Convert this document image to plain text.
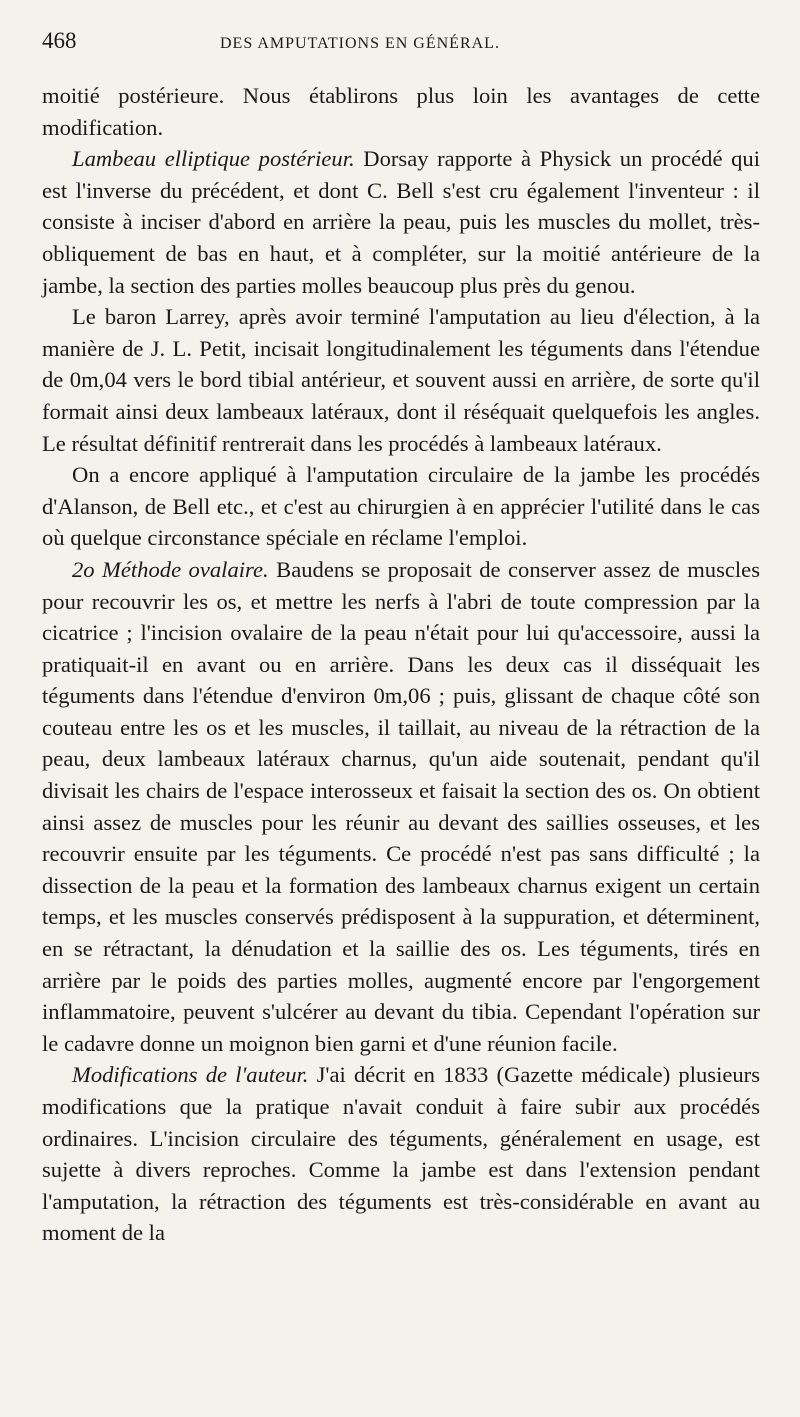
468	DES AMPUTATIONS EN GÉNÉRAL.

moitié postérieure. Nous établirons plus loin les avantages de cette modification.

Lambeau elliptique postérieur. Dorsay rapporte à Physick un procédé qui est l'inverse du précédent, et dont C. Bell s'est cru également l'inventeur : il consiste à inciser d'abord en arrière la peau, puis les muscles du mollet, très-obliquement de bas en haut, et à compléter, sur la moitié antérieure de la jambe, la section des parties molles beaucoup plus près du genou.

Le baron Larrey, après avoir terminé l'amputation au lieu d'élection, à la manière de J. L. Petit, incisait longitudinalement les téguments dans l'étendue de 0m,04 vers le bord tibial antérieur, et souvent aussi en arrière, de sorte qu'il formait ainsi deux lambeaux latéraux, dont il réséquait quelquefois les angles. Le résultat définitif rentrerait dans les procédés à lambeaux latéraux.

On a encore appliqué à l'amputation circulaire de la jambe les procédés d'Alanson, de Bell etc., et c'est au chirurgien à en apprécier l'utilité dans le cas où quelque circonstance spéciale en réclame l'emploi.

2o Méthode ovalaire. Baudens se proposait de conserver assez de muscles pour recouvrir les os, et mettre les nerfs à l'abri de toute compression par la cicatrice ; l'incision ovalaire de la peau n'était pour lui qu'accessoire, aussi la pratiquait-il en avant ou en arrière. Dans les deux cas il disséquait les téguments dans l'étendue d'environ 0m,06 ; puis, glissant de chaque côté son couteau entre les os et les muscles, il taillait, au niveau de la rétraction de la peau, deux lambeaux latéraux charnus, qu'un aide soutenait, pendant qu'il divisait les chairs de l'espace interosseux et faisait la section des os. On obtient ainsi assez de muscles pour les réunir au devant des saillies osseuses, et les recouvrir ensuite par les téguments. Ce procédé n'est pas sans difficulté ; la dissection de la peau et la formation des lambeaux charnus exigent un certain temps, et les muscles conservés prédisposent à la suppuration, et déterminent, en se rétractant, la dénudation et la saillie des os. Les téguments, tirés en arrière par le poids des parties molles, augmenté encore par l'engorgement inflammatoire, peuvent s'ulcérer au devant du tibia. Cependant l'opération sur le cadavre donne un moignon bien garni et d'une réunion facile.

Modifications de l'auteur. J'ai décrit en 1833 (Gazette médicale) plusieurs modifications que la pratique n'avait conduit à faire subir aux procédés ordinaires. L'incision circulaire des téguments, généralement en usage, est sujette à divers reproches. Comme la jambe est dans l'extension pendant l'amputation, la rétraction des téguments est très-considérable en avant au moment de la
